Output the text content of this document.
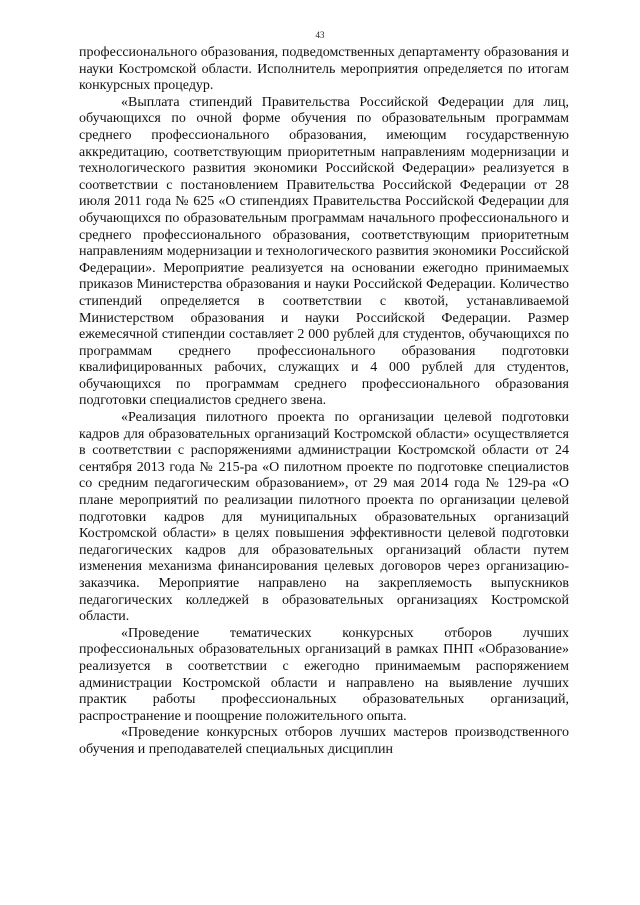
43

профессионального образования, подведомственных департаменту образования и науки Костромской области. Исполнитель мероприятия определяется по итогам конкурсных процедур.

«Выплата стипендий Правительства Российской Федерации для лиц, обучающихся по очной форме обучения по образовательным программам среднего профессионального образования, имеющим государственную аккредитацию, соответствующим приоритетным направлениям модернизации и технологического развития экономики Российской Федерации» реализуется в соответствии с постановлением Правительства Российской Федерации от 28 июля 2011 года № 625 «О стипендиях Правительства Российской Федерации для обучающихся по образовательным программам начального профессионального и среднего профессионального образования, соответствующим приоритетным направлениям модернизации и технологического развития экономики Российской Федерации». Мероприятие реализуется на основании ежегодно принимаемых приказов Министерства образования и науки Российской Федерации. Количество стипендий определяется в соответствии с квотой, устанавливаемой Министерством образования и науки Российской Федерации. Размер ежемесячной стипендии составляет 2 000 рублей для студентов, обучающихся по программам среднего профессионального образования подготовки квалифицированных рабочих, служащих и 4 000 рублей для студентов, обучающихся по программам среднего профессионального образования подготовки специалистов среднего звена.

«Реализация пилотного проекта по организации целевой подготовки кадров для образовательных организаций Костромской области» осуществляется в соответствии с распоряжениями администрации Костромской области от 24 сентября 2013 года № 215-ра «О пилотном проекте по подготовке специалистов со средним педагогическим образованием», от 29 мая 2014 года № 129-ра «О плане мероприятий по реализации пилотного проекта по организации целевой подготовки кадров для муниципальных образовательных организаций Костромской области» в целях повышения эффективности целевой подготовки педагогических кадров для образовательных организаций области путем изменения механизма финансирования целевых договоров через организацию-заказчика. Мероприятие направлено на закрепляемость выпускников педагогических колледжей в образовательных организациях Костромской области.

«Проведение тематических конкурсных отборов лучших профессиональных образовательных организаций в рамках ПНП «Образование» реализуется в соответствии с ежегодно принимаемым распоряжением администрации Костромской области и направлено на выявление лучших практик работы профессиональных образовательных организаций, распространение и поощрение положительного опыта.

«Проведение конкурсных отборов лучших мастеров производственного обучения и преподавателей специальных дисциплин
